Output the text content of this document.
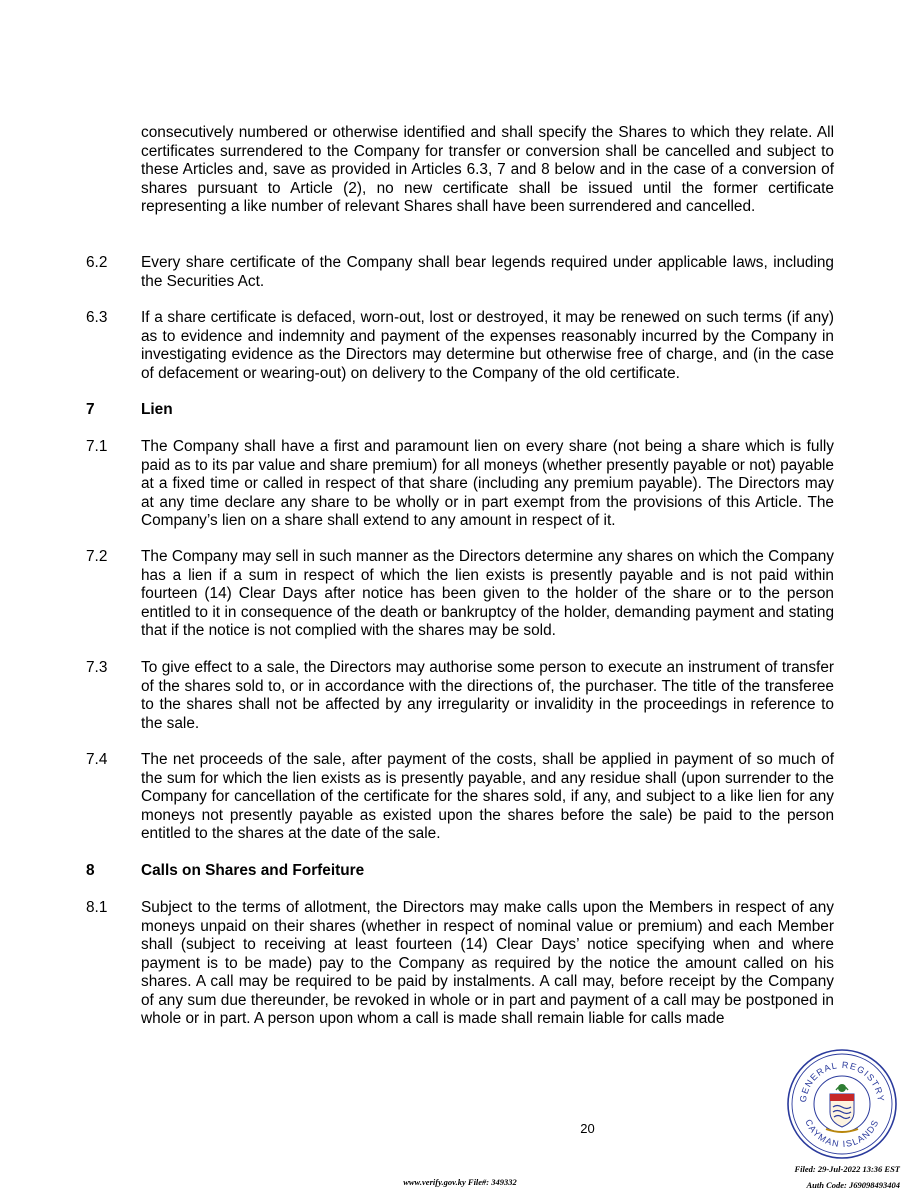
consecutively numbered or otherwise identified and shall specify the Shares to which they relate. All certificates surrendered to the Company for transfer or conversion shall be cancelled and subject to these Articles and, save as provided in Articles 6.3, 7 and 8 below and in the case of a conversion of shares pursuant to Article (2), no new certificate shall be issued until the former certificate representing a like number of relevant Shares shall have been surrendered and cancelled.
6.2	Every share certificate of the Company shall bear legends required under applicable laws, including the Securities Act.
6.3	If a share certificate is defaced, worn-out, lost or destroyed, it may be renewed on such terms (if any) as to evidence and indemnity and payment of the expenses reasonably incurred by the Company in investigating evidence as the Directors may determine but otherwise free of charge, and (in the case of defacement or wearing-out) on delivery to the Company of the old certificate.
7	Lien
7.1	The Company shall have a first and paramount lien on every share (not being a share which is fully paid as to its par value and share premium) for all moneys (whether presently payable or not) payable at a fixed time or called in respect of that share (including any premium payable). The Directors may at any time declare any share to be wholly or in part exempt from the provisions of this Article. The Company’s lien on a share shall extend to any amount in respect of it.
7.2	The Company may sell in such manner as the Directors determine any shares on which the Company has a lien if a sum in respect of which the lien exists is presently payable and is not paid within fourteen (14) Clear Days after notice has been given to the holder of the share or to the person entitled to it in consequence of the death or bankruptcy of the holder, demanding payment and stating that if the notice is not complied with the shares may be sold.
7.3	To give effect to a sale, the Directors may authorise some person to execute an instrument of transfer of the shares sold to, or in accordance with the directions of, the purchaser. The title of the transferee to the shares shall not be affected by any irregularity or invalidity in the proceedings in reference to the sale.
7.4	The net proceeds of the sale, after payment of the costs, shall be applied in payment of so much of the sum for which the lien exists as is presently payable, and any residue shall (upon surrender to the Company for cancellation of the certificate for the shares sold, if any, and subject to a like lien for any moneys not presently payable as existed upon the shares before the sale) be paid to the person entitled to the shares at the date of the sale.
8	Calls on Shares and Forfeiture
8.1	Subject to the terms of allotment, the Directors may make calls upon the Members in respect of any moneys unpaid on their shares (whether in respect of nominal value or premium) and each Member shall (subject to receiving at least fourteen (14) Clear Days’ notice specifying when and where payment is to be made) pay to the Company as required by the notice the amount called on his shares. A call may be required to be paid by instalments. A call may, before receipt by the Company of any sum due thereunder, be revoked in whole or in part and payment of a call may be postponed in whole or in part. A person upon whom a call is made shall remain liable for calls made
20
www.verify.gov.ky File#: 349332
GENERAL REGISTRY
CAYMAN ISLANDS
Filed: 29-Jul-2022 13:36 EST
Auth Code: J69098493404
